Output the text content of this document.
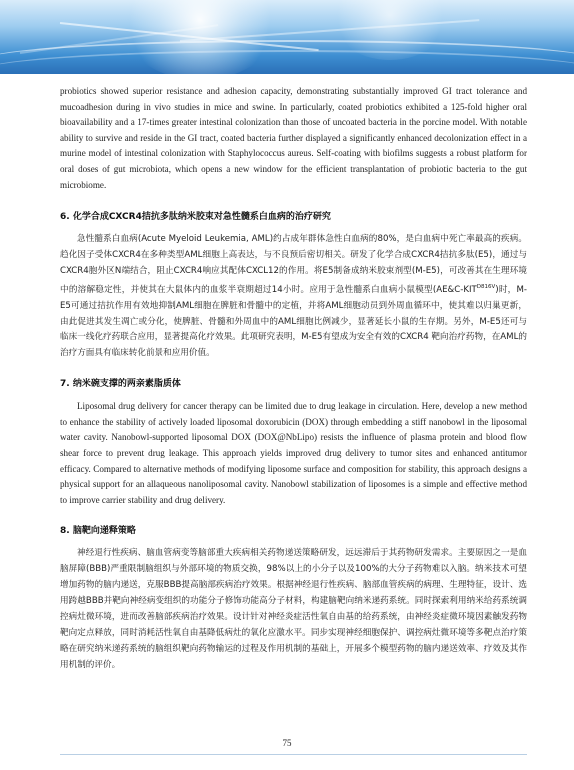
probiotics showed superior resistance and adhesion capacity, demonstrating substantially improved GI tract tolerance and mucoadhesion during in vivo studies in mice and swine. In particularly, coated probiotics exhibited a 125-fold higher oral bioavailability and a 17-times greater intestinal colonization than those of uncoated bacteria in the porcine model. With notable ability to survive and reside in the GI tract, coated bacteria further displayed a significantly enhanced decolonization effect in a murine model of intestinal colonization with Staphylococcus aureus. Self-coating with biofilms suggests a robust platform for oral doses of gut microbiota, which opens a new window for the efficient transplantation of probiotic bacteria to the gut microbiome.

6. 化学合成CXCR4拮抗多肽纳米胶束对急性髓系白血病的治疗研究

急性髓系白血病(Acute Myeloid Leukemia, AML)约占成年群体急性白血病的80%，是白血病中死亡率最高的疾病。趋化因子受体CXCR4在多种类型AML细胞上高表达，与不良预后密切相关。研发了化学合成CXCR4拮抗多肽(E5)，通过与CXCR4胞外区N端结合，阻止CXCR4响应其配体CXCL12的作用。将E5制备成纳米胶束剂型(M-E5)，可改善其在生理环境中的溶解稳定性，并使其在大鼠体内的血浆半衰期超过14小时。应用于急性髓系白血病小鼠模型$(AE\&C-KIT^{D816V})$时，M-E5可通过拮抗作用有效地抑制AML细胞在脾脏和骨髓中的定植，并将AML细胞动员到外周血循环中，使其难以归巢更新，由此促进其发生凋亡或分化，使脾脏、骨髓和外周血中的AML细胞比例减少，显著延长小鼠的生存期。另外，M-E5还可与临床一线化疗药联合应用，显著提高化疗效果。此项研究表明，M-E5有望成为安全有效的CXCR4 靶向治疗药物，在AML的治疗方面具有临床转化前景和应用价值。

7. 纳米碗支撑的两亲素脂质体

Liposomal drug delivery for cancer therapy can be limited due to drug leakage in circulation. Here, develop a new method to enhance the stability of actively loaded liposomal doxorubicin (DOX) through embedding a stiff nanobowl in the liposomal water cavity. Nanobowl-supported liposomal DOX (DOX@NbLipo) resists the influence of plasma protein and blood flow shear force to prevent drug leakage. This approach yields improved drug delivery to tumor sites and enhanced antitumor efficacy. Compared to alternative methods of modifying liposome surface and composition for stability, this approach designs a physical support for an allaqueous nanoliposomal cavity. Nanobowl stabilization of liposomes is a simple and effective method to improve carrier stability and drug delivery.

8. 脑靶向递释策略

神经退行性疾病、脑血管病变等脑部重大疾病相关药物递送策略研发，远远滞后于其药物研发需求。主要原因之一是血脑屏障(BBB)严重限制脑组织与外部环境的物质交换，98%以上的小分子以及100%的大分子药物难以入脑。纳米技术可望增加药物的脑内递送，克服BBB提高脑部疾病治疗效果。根据神经退行性疾病、脑部血管疾病的病理、生理特征，设计、选用跨越BBB并靶向神经病变组织的功能分子修饰功能高分子材料，构建脑靶向纳米递药系统。同时探索利用纳米给药系统调控病灶微环境，进而改善脑部疾病治疗效果。设计针对神经炎症活性氧自由基的给药系统，由神经炎症微环境因素触发药物靶向定点释放，同时消耗活性氧自由基降低病灶的氧化应激水平。同步实现神经细胞保护、调控病灶微环境等多靶点治疗策略在研究纳米递药系统的脑组织靶向药物输运的过程及作用机制的基础上，开展多个模型药物的脑内递送效率、疗效及其作用机制的评价。

75
